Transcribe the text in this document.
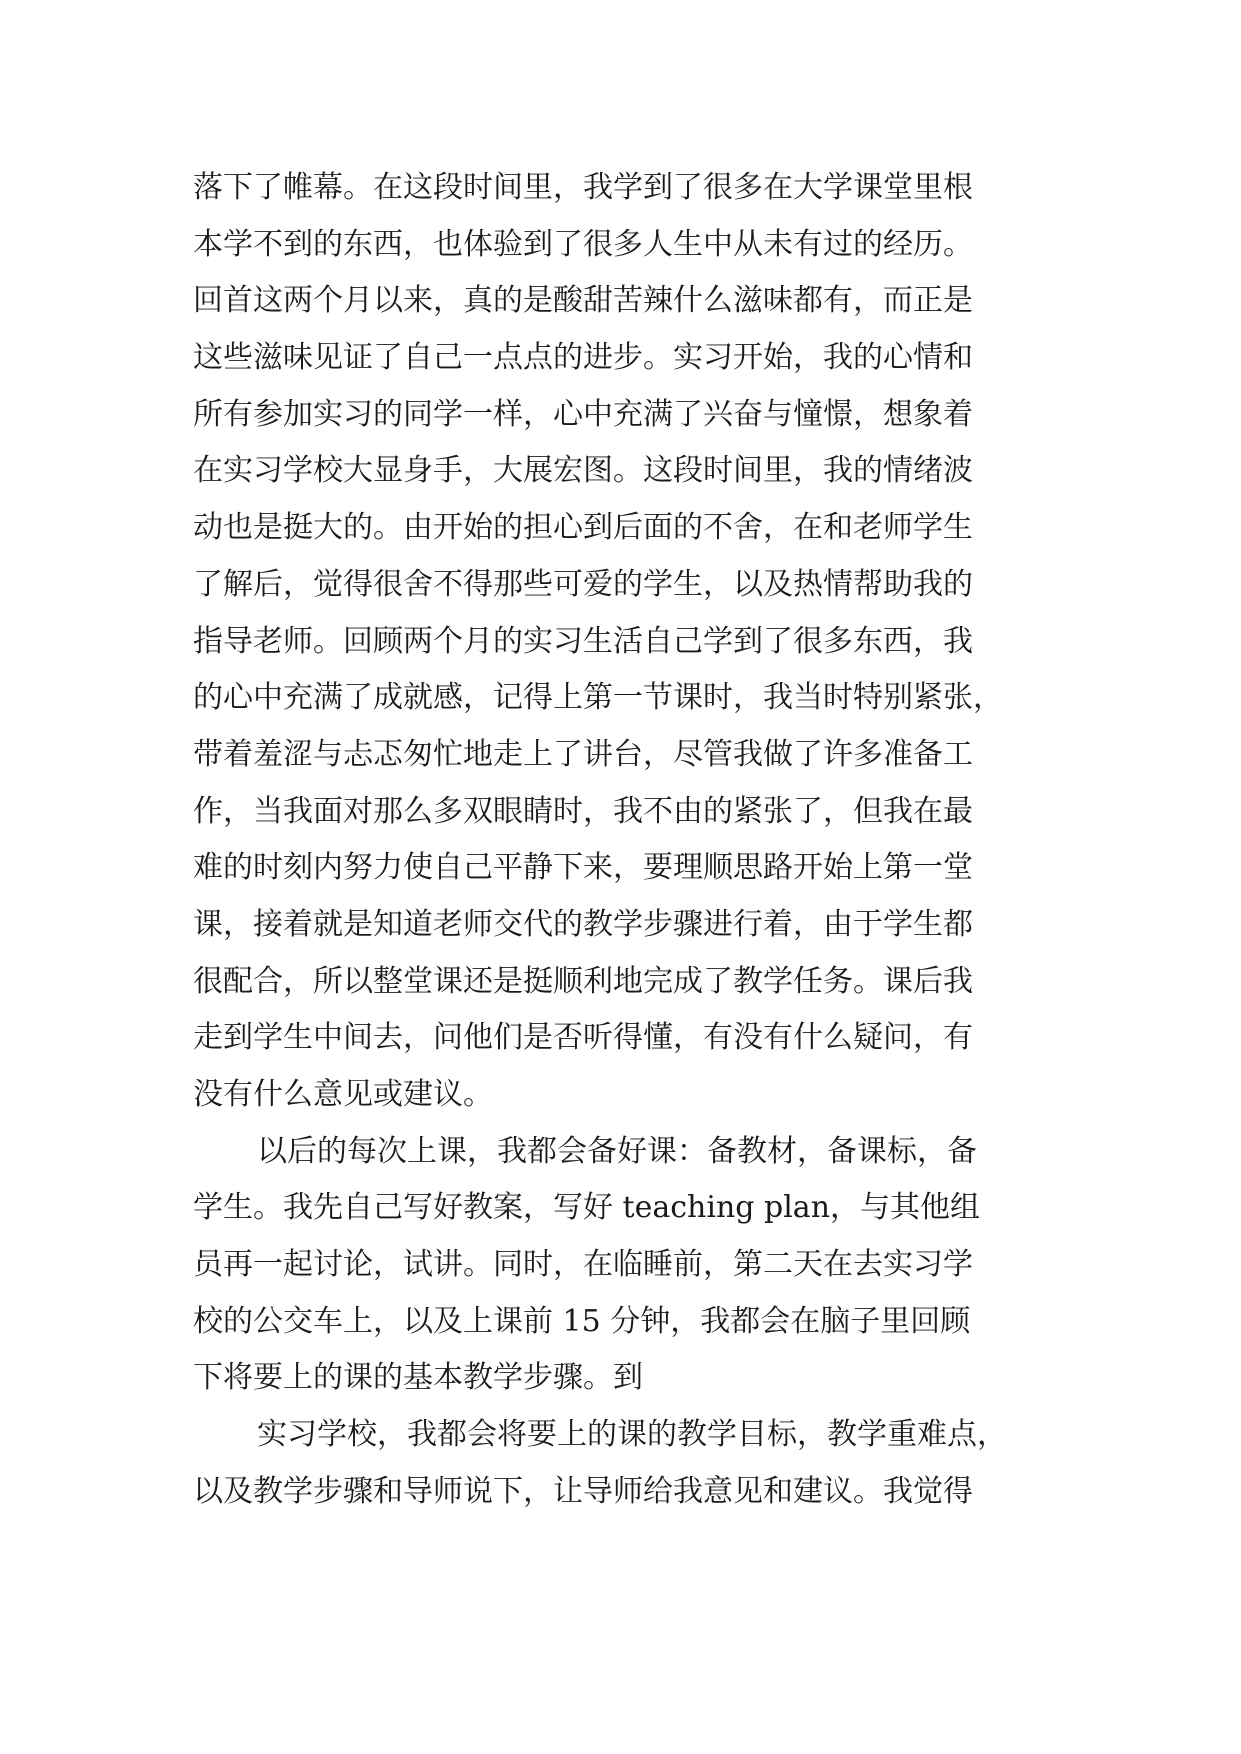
落下了帷幕。在这段时间里，我学到了很多在大学课堂里根
本学不到的东西，也体验到了很多人生中从未有过的经历。
回首这两个月以来，真的是酸甜苦辣什么滋味都有，而正是
这些滋味见证了自己一点点的进步。实习开始，我的心情和
所有参加实习的同学一样，心中充满了兴奋与憧憬，想象着
在实习学校大显身手，大展宏图。这段时间里，我的情绪波
动也是挺大的。由开始的担心到后面的不舍，在和老师学生
了解后，觉得很舍不得那些可爱的学生，以及热情帮助我的
指导老师。回顾两个月的实习生活自己学到了很多东西，我
的心中充满了成就感，记得上第一节课时，我当时特别紧张，
带着羞涩与忐忑匆忙地走上了讲台，尽管我做了许多准备工
作，当我面对那么多双眼睛时，我不由的紧张了，但我在最
难的时刻内努力使自己平静下来，要理顺思路开始上第一堂
课，接着就是知道老师交代的教学步骤进行着，由于学生都
很配合，所以整堂课还是挺顺利地完成了教学任务。课后我
走到学生中间去，问他们是否听得懂，有没有什么疑问，有
没有什么意见或建议。
以后的每次上课，我都会备好课：备教材，备课标，备
学生。我先自己写好教案，写好 teaching plan，与其他组
员再一起讨论，试讲。同时，在临睡前，第二天在去实习学
校的公交车上，以及上课前 15 分钟，我都会在脑子里回顾
下将要上的课的基本教学步骤。到
实习学校，我都会将要上的课的教学目标，教学重难点，
以及教学步骤和导师说下，让导师给我意见和建议。我觉得
